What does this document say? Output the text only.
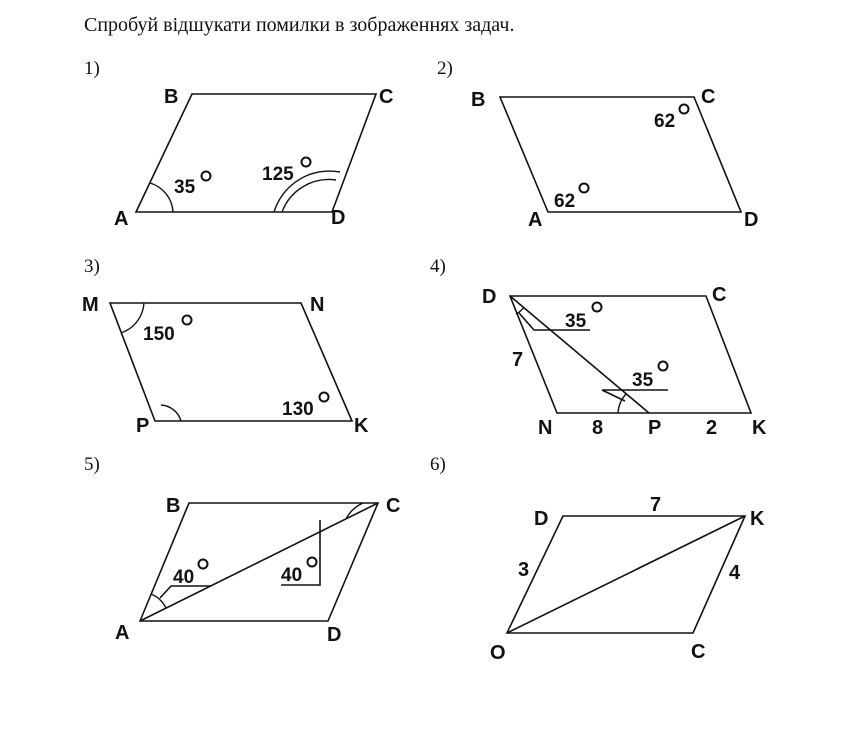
Спробуй відшукати помилки в зображеннях задач.
1)
B	C
A	D
35
125
2)
B	C
A	D
62
62
3)
M	N
K
P
150
130
4)
D	C
K
N	P
35
35
7
8	2
5)
B	C
A	D
40	40
6)
D	K
C
O
7
3	4
